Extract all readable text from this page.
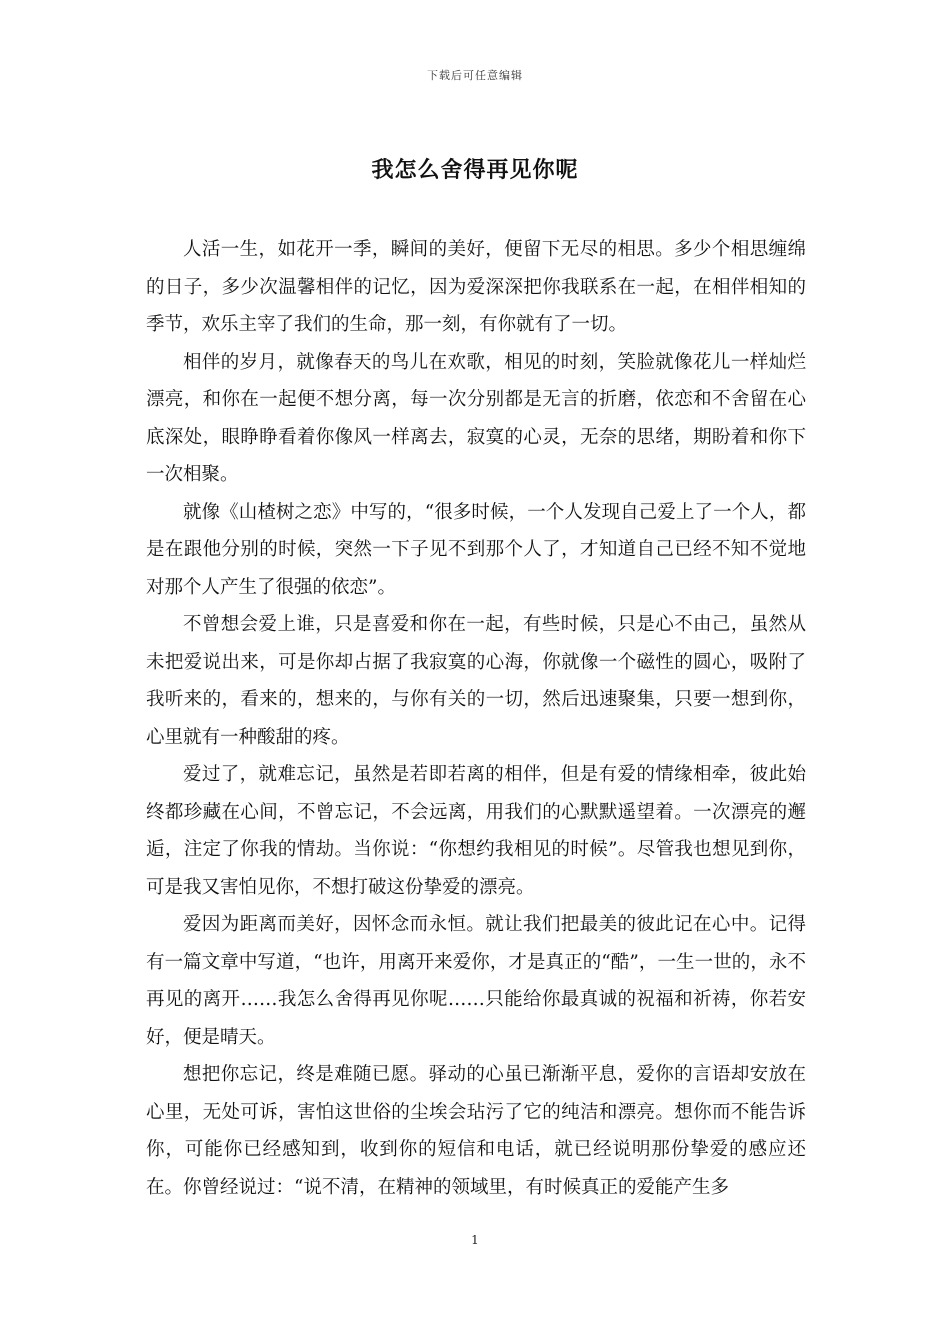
下载后可任意编辑
我怎么舍得再见你呢

人活一生，如花开一季，瞬间的美好，便留下无尽的相思。多少个相思缠绵的日子，多少次温馨相伴的记忆，因为爱深深把你我联系在一起，在相伴相知的季节，欢乐主宰了我们的生命，那一刻，有你就有了一切。

相伴的岁月，就像春天的鸟儿在欢歌，相见的时刻，笑脸就像花儿一样灿烂漂亮，和你在一起便不想分离，每一次分别都是无言的折磨，依恋和不舍留在心底深处，眼睁睁看着你像风一样离去，寂寞的心灵，无奈的思绪，期盼着和你下一次相聚。

就像《山楂树之恋》中写的，“很多时候，一个人发现自己爱上了一个人，都是在跟他分别的时候，突然一下子见不到那个人了，才知道自己已经不知不觉地对那个人产生了很强的依恋”。

不曾想会爱上谁，只是喜爱和你在一起，有些时候，只是心不由己，虽然从未把爱说出来，可是你却占据了我寂寞的心海，你就像一个磁性的圆心，吸附了我听来的，看来的，想来的，与你有关的一切，然后迅速聚集，只要一想到你，心里就有一种酸甜的疼。

爱过了，就难忘记，虽然是若即若离的相伴，但是有爱的情缘相牵，彼此始终都珍藏在心间，不曾忘记，不会远离，用我们的心默默遥望着。一次漂亮的邂逅，注定了你我的情劫。当你说：“你想约我相见的时候”。尽管我也想见到你，可是我又害怕见你，不想打破这份挚爱的漂亮。

爱因为距离而美好，因怀念而永恒。就让我们把最美的彼此记在心中。记得有一篇文章中写道，“也许，用离开来爱你，才是真正的“酷”，一生一世的，永不再见的离开……我怎么舍得再见你呢……只能给你最真诚的祝福和祈祷，你若安好，便是晴天。

想把你忘记，终是难随已愿。驿动的心虽已渐渐平息，爱你的言语却安放在心里，无处可诉，害怕这世俗的尘埃会玷污了它的纯洁和漂亮。想你而不能告诉你，可能你已经感知到，收到你的短信和电话，就已经说明那份挚爱的感应还在。你曾经说过：“说不清，在精神的领域里，有时候真正的爱能产生多

1
